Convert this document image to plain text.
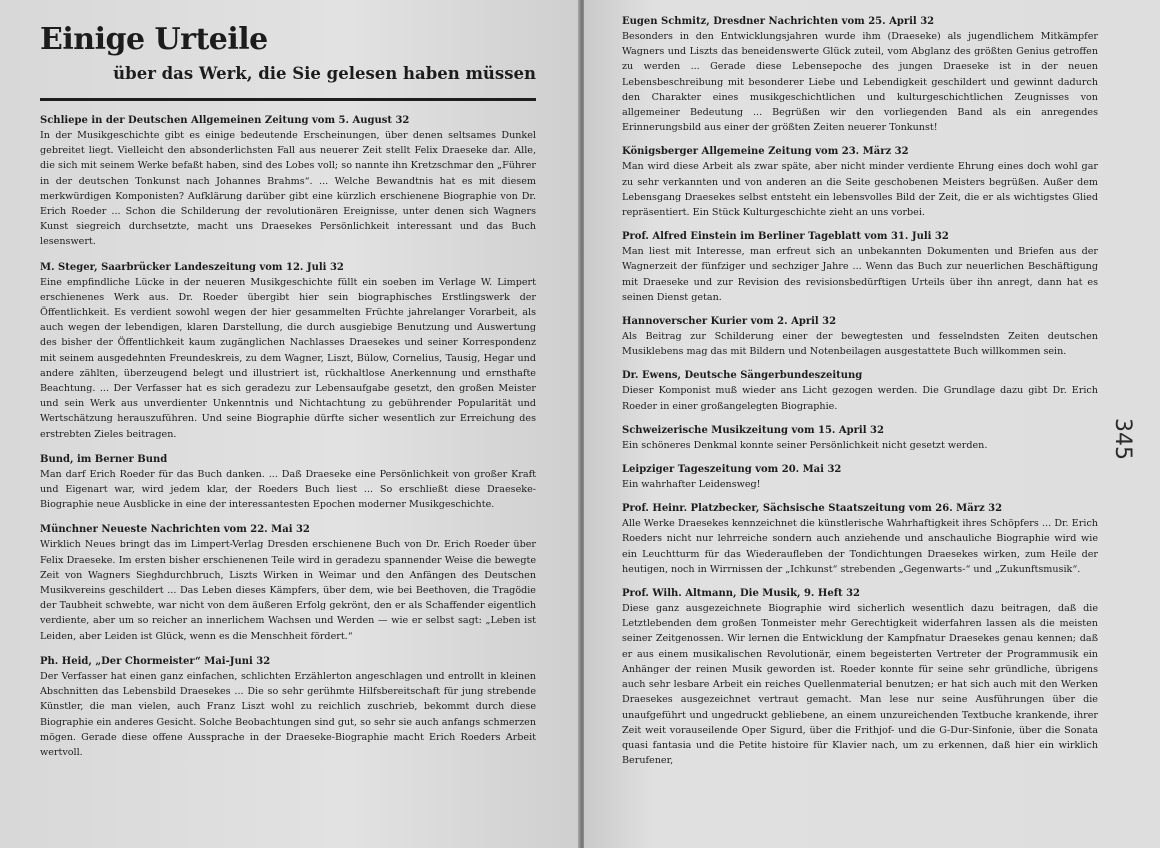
Einige Urteile

über das Werk, die Sie gelesen haben müssen

Schliepe in der Deutschen Allgemeinen Zeitung vom 5. August 32

In der Musikgeschichte gibt es einige bedeutende Erscheinungen, über denen seltsames Dunkel gebreitet liegt. Vielleicht den absonderlichsten Fall aus neuerer Zeit stellt Felix Draeseke dar. Alle, die sich mit seinem Werke befaßt haben, sind des Lobes voll; so nannte ihn Kretzschmar den „Führer in der deutschen Tonkunst nach Johannes Brahms“. ... Welche Bewandtnis hat es mit diesem merkwürdigen Komponisten? Aufklärung darüber gibt eine kürzlich erschienene Biographie von Dr. Erich Roeder ... Schon die Schilderung der revolutionären Ereignisse, unter denen sich Wagners Kunst siegreich durchsetzte, macht uns Draesekes Persönlichkeit interessant und das Buch lesenswert.

M. Steger, Saarbrücker Landeszeitung vom 12. Juli 32

Eine empfindliche Lücke in der neueren Musikgeschichte füllt ein soeben im Verlage W. Limpert erschienenes Werk aus. Dr. Roeder übergibt hier sein biographisches Erstlingswerk der Öffentlichkeit. Es verdient sowohl wegen der hier gesammelten Früchte jahrelanger Vorarbeit, als auch wegen der lebendigen, klaren Darstellung, die durch ausgiebige Benutzung und Auswertung des bisher der Öffentlichkeit kaum zugänglichen Nachlasses Draesekes und seiner Korrespondenz mit seinem ausgedehnten Freundeskreis, zu dem Wagner, Liszt, Bülow, Cornelius, Tausig, Hegar und andere zählten, überzeugend belegt und illustriert ist, rückhaltlose Anerkennung und ernsthafte Beachtung. ... Der Verfasser hat es sich geradezu zur Lebensaufgabe gesetzt, den großen Meister und sein Werk aus unverdienter Unkenntnis und Nichtachtung zu gebührender Popularität und Wertschätzung herauszuführen. Und seine Biographie dürfte sicher wesentlich zur Erreichung des erstrebten Zieles beitragen.

Bund, im Berner Bund

Man darf Erich Roeder für das Buch danken. ... Daß Draeseke eine Persönlichkeit von großer Kraft und Eigenart war, wird jedem klar, der Roeders Buch liest ... So erschließt diese Draeseke-Biographie neue Ausblicke in eine der interessantesten Epochen moderner Musikgeschichte.

Münchner Neueste Nachrichten vom 22. Mai 32

Wirklich Neues bringt das im Limpert-Verlag Dresden erschienene Buch von Dr. Erich Roeder über Felix Draeseke. Im ersten bisher erschienenen Teile wird in geradezu spannender Weise die bewegte Zeit von Wagners Sieghdurchbruch, Liszts Wirken in Weimar und den Anfängen des Deutschen Musikvereins geschildert ... Das Leben dieses Kämpfers, über dem, wie bei Beethoven, die Tragödie der Taubheit schwebte, war nicht von dem äußeren Erfolg gekrönt, den er als Schaffender eigentlich verdiente, aber um so reicher an innerlichem Wachsen und Werden — wie er selbst sagt: „Leben ist Leiden, aber Leiden ist Glück, wenn es die Menschheit fördert.“

Ph. Heid, „Der Chormeister“ Mai-Juni 32

Der Verfasser hat einen ganz einfachen, schlichten Erzählerton angeschlagen und entrollt in kleinen Abschnitten das Lebensbild Draesekes ... Die so sehr gerühmte Hilfsbereitschaft für jung strebende Künstler, die man vielen, auch Franz Liszt wohl zu reichlich zuschrieb, bekommt durch diese Biographie ein anderes Gesicht. Solche Beobachtungen sind gut, so sehr sie auch anfangs schmerzen mögen. Gerade diese offene Aussprache in der Draeseke-Biographie macht Erich Roeders Arbeit wertvoll.

Eugen Schmitz, Dresdner Nachrichten vom 25. April 32

Besonders in den Entwicklungsjahren wurde ihm (Draeseke) als jugendlichem Mitkämpfer Wagners und Liszts das beneidenswerte Glück zuteil, vom Abglanz des größten Genius getroffen zu werden ... Gerade diese Lebensepoche des jungen Draeseke ist in der neuen Lebensbeschreibung mit besonderer Liebe und Lebendigkeit geschildert und gewinnt dadurch den Charakter eines musikgeschichtlichen und kulturgeschichtlichen Zeugnisses von allgemeiner Bedeutung ... Begrüßen wir den vorliegenden Band als ein anregendes Erinnerungsbild aus einer der größten Zeiten neuerer Tonkunst!

Königsberger Allgemeine Zeitung vom 23. März 32

Man wird diese Arbeit als zwar späte, aber nicht minder verdiente Ehrung eines doch wohl gar zu sehr verkannten und von anderen an die Seite geschobenen Meisters begrüßen. Außer dem Lebensgang Draesekes selbst entsteht ein lebensvolles Bild der Zeit, die er als wichtigstes Glied repräsentiert. Ein Stück Kulturgeschichte zieht an uns vorbei.

Prof. Alfred Einstein im Berliner Tageblatt vom 31. Juli 32

Man liest mit Interesse, man erfreut sich an unbekannten Dokumenten und Briefen aus der Wagnerzeit der fünfziger und sechziger Jahre ... Wenn das Buch zur neuerlichen Beschäftigung mit Draeseke und zur Revision des revisionsbedürftigen Urteils über ihn anregt, dann hat es seinen Dienst getan.

Hannoverscher Kurier vom 2. April 32

Als Beitrag zur Schilderung einer der bewegtesten und fesselndsten Zeiten deutschen Musiklebens mag das mit Bildern und Notenbeilagen ausgestattete Buch willkommen sein.

Dr. Ewens, Deutsche Sängerbundeszeitung

Dieser Komponist muß wieder ans Licht gezogen werden. Die Grundlage dazu gibt Dr. Erich Roeder in einer großangelegten Biographie.

Schweizerische Musikzeitung vom 15. April 32

Ein schöneres Denkmal konnte seiner Persönlichkeit nicht gesetzt werden.

Leipziger Tageszeitung vom 20. Mai 32

Ein wahrhafter Leidensweg!

Prof. Heinr. Platzbecker, Sächsische Staatszeitung vom 26. März 32

Alle Werke Draesekes kennzeichnet die künstlerische Wahrhaftigkeit ihres Schöpfers ... Dr. Erich Roeders nicht nur lehrreiche sondern auch anziehende und anschauliche Biographie wird wie ein Leuchtturm für das Wiederaufleben der Tondichtungen Draesekes wirken, zum Heile der heutigen, noch in Wirrnissen der „Ichkunst“ strebenden „Gegenwarts-“ und „Zukunftsmusik“.

Prof. Wilh. Altmann, Die Musik, 9. Heft 32

Diese ganz ausgezeichnete Biographie wird sicherlich wesentlich dazu beitragen, daß die Letztlebenden dem großen Tonmeister mehr Gerechtigkeit widerfahren lassen als die meisten seiner Zeitgenossen. Wir lernen die Entwicklung der Kampfnatur Draesekes genau kennen; daß er aus einem musikalischen Revolutionär, einem begeisterten Vertreter der Programmusik ein Anhänger der reinen Musik geworden ist. Roeder konnte für seine sehr gründliche, übrigens auch sehr lesbare Arbeit ein reiches Quellenmaterial benutzen; er hat sich auch mit den Werken Draesekes ausgezeichnet vertraut gemacht. Man lese nur seine Ausführungen über die unaufgeführt und ungedruckt gebliebene, an einem unzureichenden Textbuche krankende, ihrer Zeit weit vorauseilende Oper Sigurd, über die Frithjof- und die G-Dur-Sinfonie, über die Sonata quasi fantasia und die Petite histoire für Klavier nach, um zu erkennen, daß hier ein wirklich Berufener,

345
